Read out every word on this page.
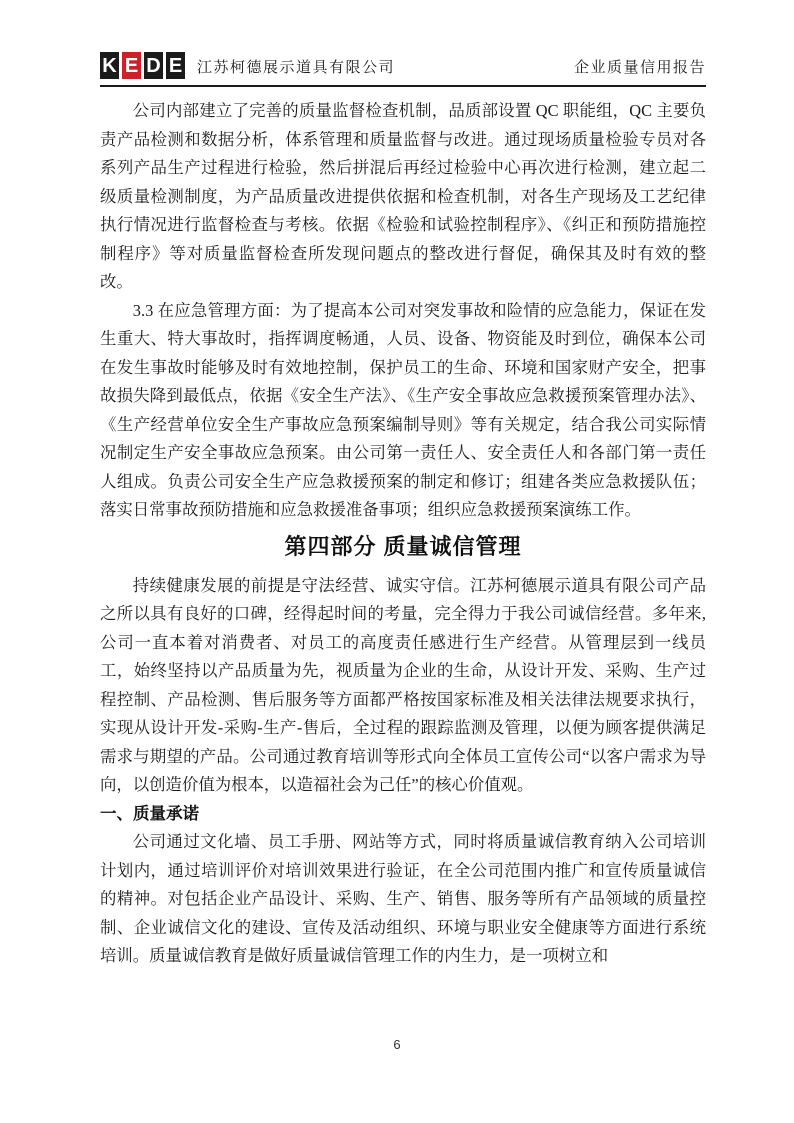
K E D E 江苏柯德展示道具有限公司	企业质量信用报告

公司内部建立了完善的质量监督检查机制，品质部设置 QC 职能组，QC 主要负责产品检测和数据分析，体系管理和质量监督与改进。通过现场质量检验专员对各系列产品生产过程进行检验，然后拼混后再经过检验中心再次进行检测，建立起二级质量检测制度，为产品质量改进提供依据和检查机制，对各生产现场及工艺纪律执行情况进行监督检查与考核。依据《检验和试验控制程序》、《纠正和预防措施控制程序》等对质量监督检查所发现问题点的整改进行督促，确保其及时有效的整改。

3.3 在应急管理方面：为了提高本公司对突发事故和险情的应急能力，保证在发生重大、特大事故时，指挥调度畅通，人员、设备、物资能及时到位，确保本公司在发生事故时能够及时有效地控制，保护员工的生命、环境和国家财产安全，把事故损失降到最低点，依据《安全生产法》、《生产安全事故应急救援预案管理办法》、《生产经营单位安全生产事故应急预案编制导则》等有关规定，结合我公司实际情况制定生产安全事故应急预案。由公司第一责任人、安全责任人和各部门第一责任人组成。负责公司安全生产应急救援预案的制定和修订；组建各类应急救援队伍；落实日常事故预防措施和应急救援准备事项；组织应急救援预案演练工作。

第四部分 质量诚信管理

持续健康发展的前提是守法经营、诚实守信。江苏柯德展示道具有限公司产品之所以具有良好的口碑，经得起时间的考量，完全得力于我公司诚信经营。多年来,公司一直本着对消费者、对员工的高度责任感进行生产经营。从管理层到一线员工，始终坚持以产品质量为先，视质量为企业的生命，从设计开发、采购、生产过程控制、产品检测、售后服务等方面都严格按国家标准及相关法律法规要求执行，实现从设计开发-采购-生产-售后，全过程的跟踪监测及管理，以便为顾客提供满足需求与期望的产品。公司通过教育培训等形式向全体员工宣传公司“以客户需求为导向，以创造价值为根本，以造福社会为己任”的核心价值观。

一、质量承诺

公司通过文化墙、员工手册、网站等方式，同时将质量诚信教育纳入公司培训计划内，通过培训评价对培训效果进行验证，在全公司范围内推广和宣传质量诚信的精神。对包括企业产品设计、采购、生产、销售、服务等所有产品领域的质量控制、企业诚信文化的建设、宣传及活动组织、环境与职业安全健康等方面进行系统培训。质量诚信教育是做好质量诚信管理工作的内生力，是一项树立和

6
